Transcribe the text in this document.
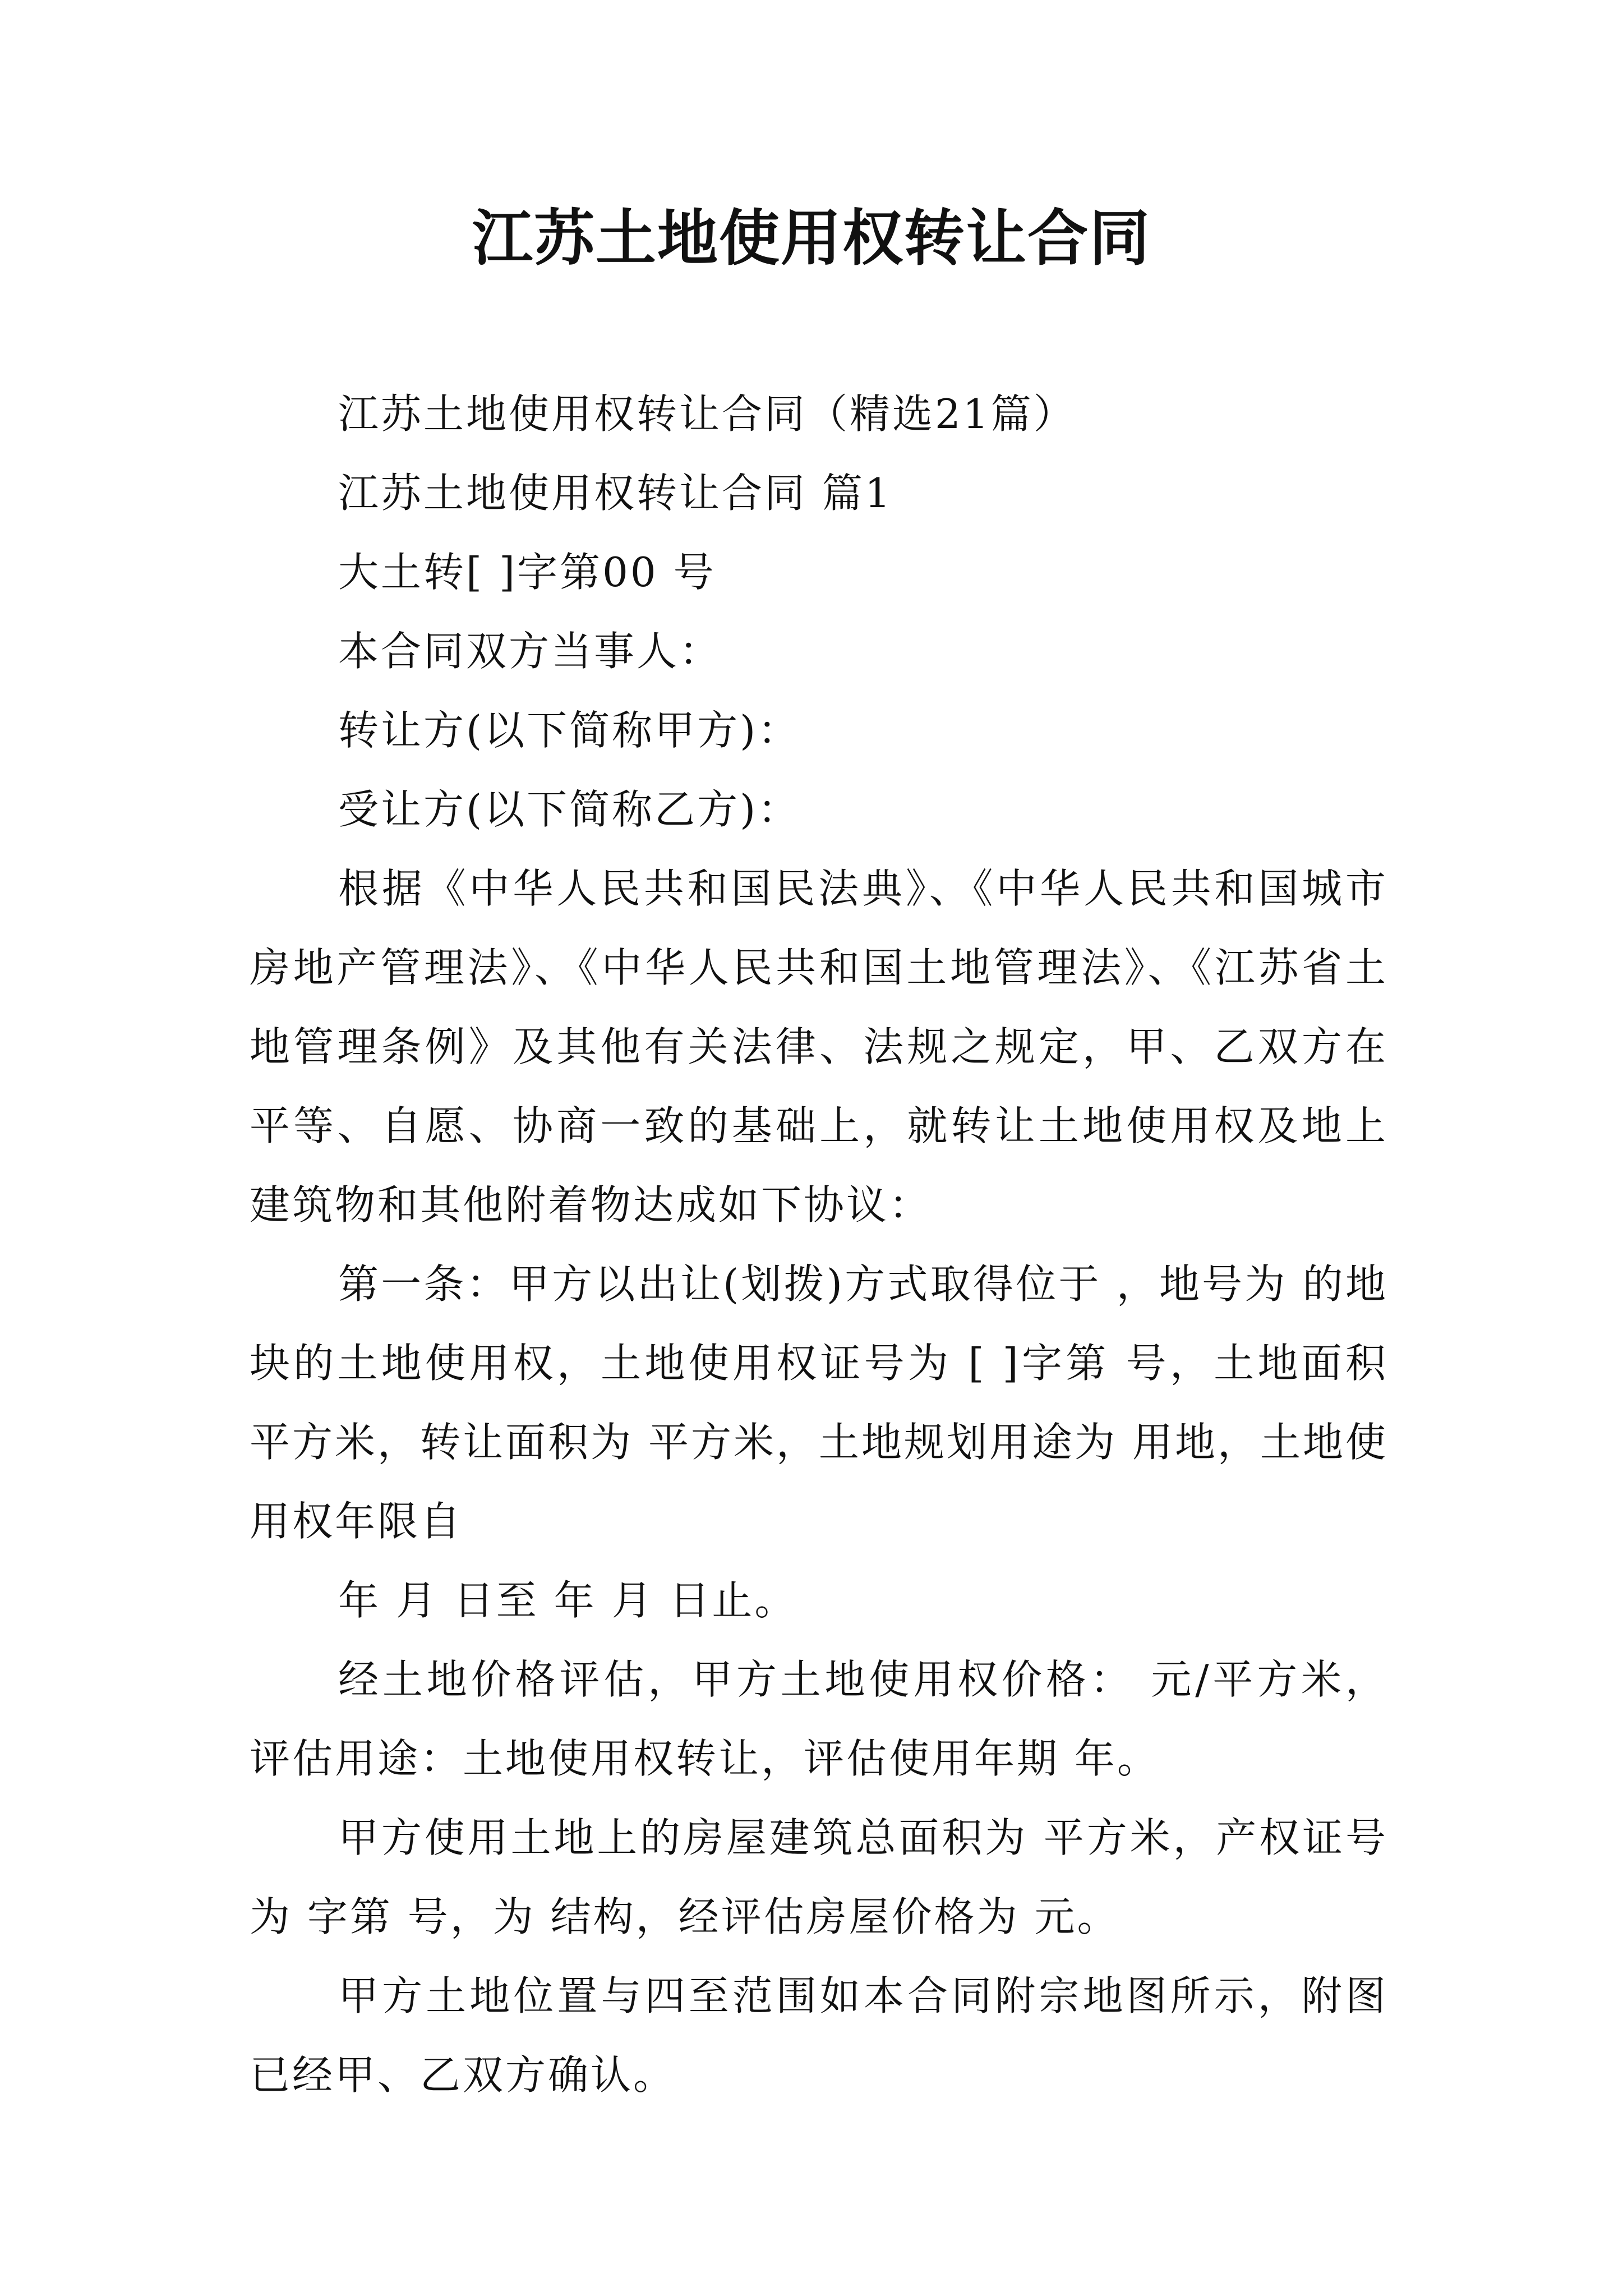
江苏土地使用权转让合同

江苏土地使用权转让合同（精选21篇）

江苏土地使用权转让合同 篇1

大土转[ ]字第00 号

本合同双方当事人：

转让方(以下简称甲方)：

受让方(以下简称乙方)：

根据《中华人民共和国民法典》、《中华人民共和国城市房地产管理法》、《中华人民共和国土地管理法》、《江苏省土地管理条例》及其他有关法律、法规之规定，甲、乙双方在平等、自愿、协商一致的基础上，就转让土地使用权及地上建筑物和其他附着物达成如下协议：

第一条：甲方以出让(划拨)方式取得位于 ，地号为 的地块的土地使用权，土地使用权证号为 [ ]字第 号，土地面积 平方米，转让面积为 平方米，土地规划用途为 用地，土地使用权年限自

年 月 日至 年 月 日止。

经土地价格评估，甲方土地使用权价格： 元/平方米，评估用途：土地使用权转让，评估使用年期 年。

甲方使用土地上的房屋建筑总面积为 平方米，产权证号为 字第 号，为 结构，经评估房屋价格为 元。

甲方土地位置与四至范围如本合同附宗地图所示，附图已经甲、乙双方确认。
